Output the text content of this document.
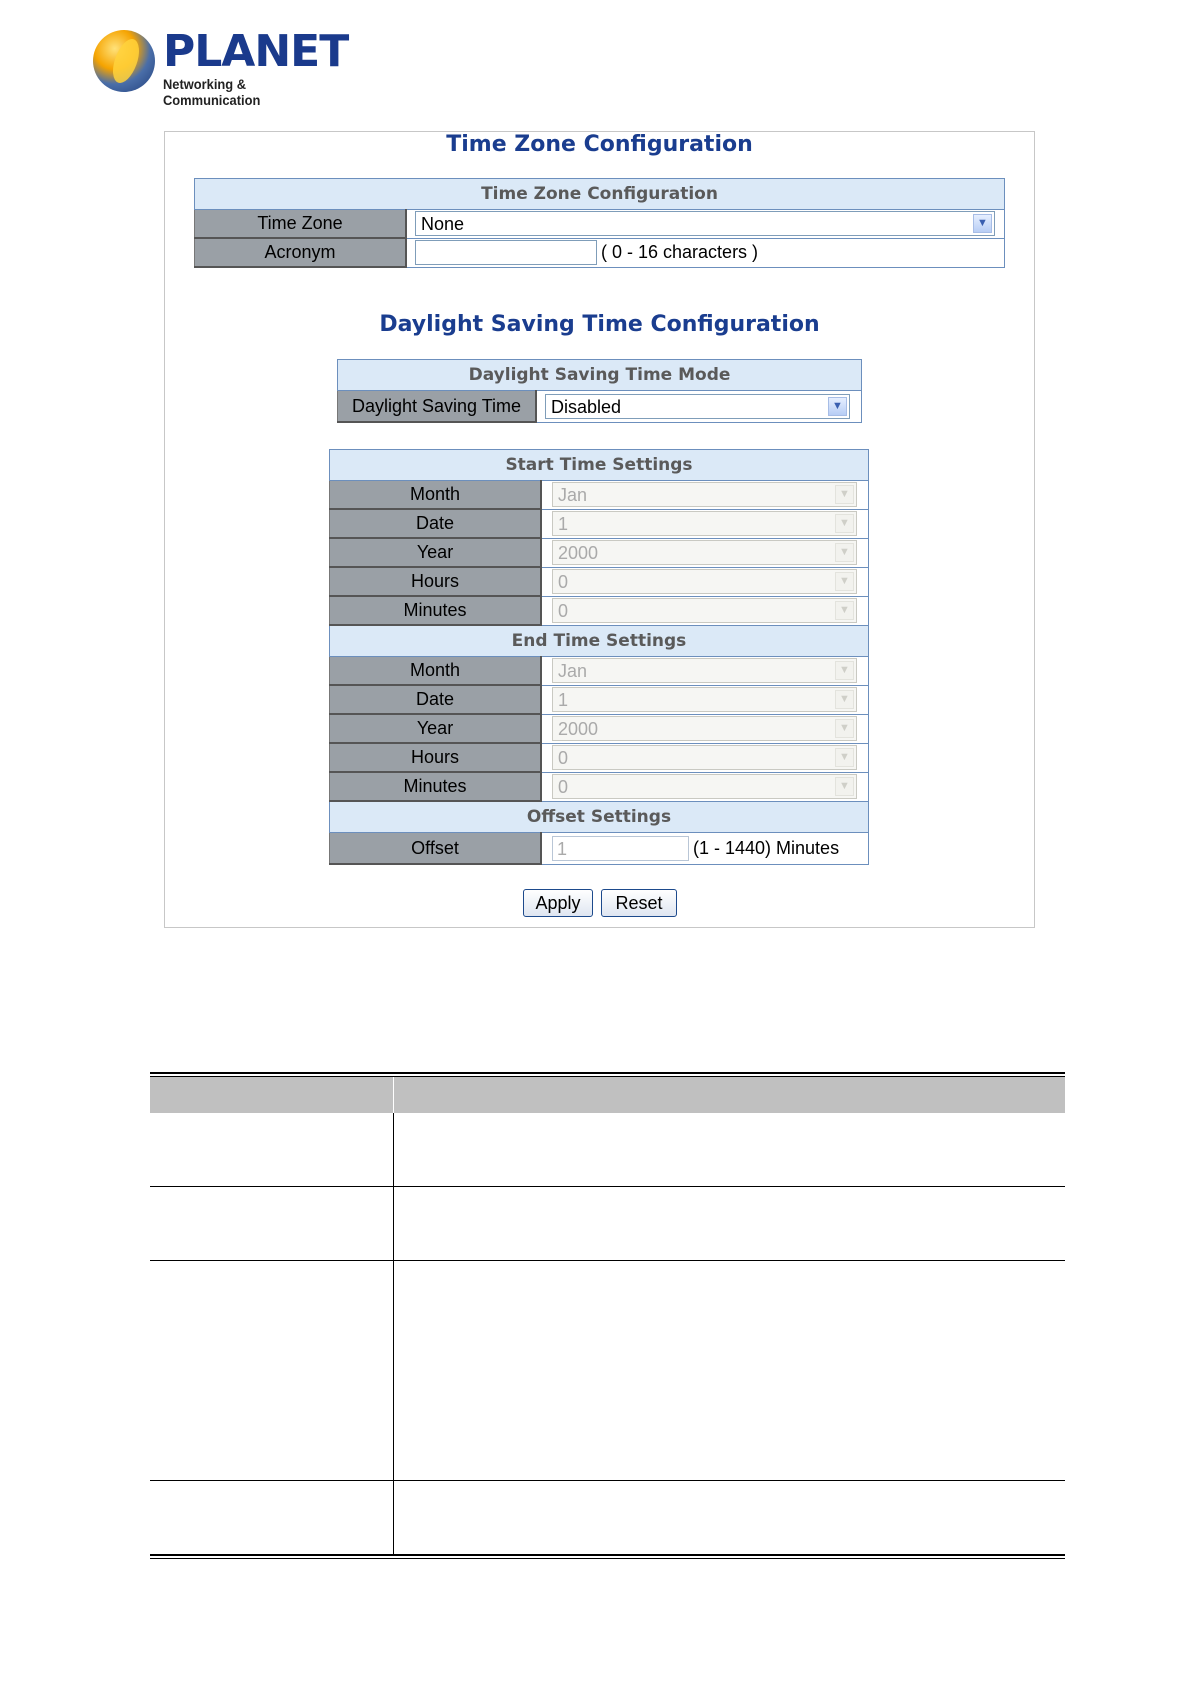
PLANET
Networking & Communication
Time Zone Configuration
Time Zone Configuration	
Time Zone	None ▼

Acronym	( 0 - 16 characters )
Daylight Saving Time Configuration
Daylight Saving Time Mode
Daylight Saving Time	Disabled	▼
Start Time Settings	
Month	Jan ▼

Date	1 ▼

Year	2000 ▼

Hours	0 ▼

Minutes	0 ▼

End Time Settings	
Month	Jan ▼

Date	1 ▼

Year	2000 ▼

Hours	0 ▼

Minutes	0 ▼

Offset Settings	
Offset	1 (1 - 1440) Minutes
Apply	Reset
